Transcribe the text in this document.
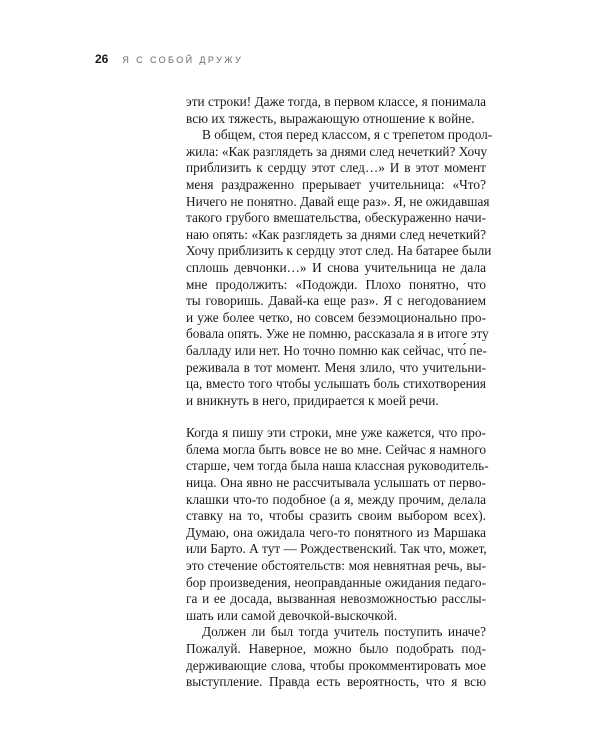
26 Я С СОБОЙ ДРУЖУ
эти строки! Даже тогда, в первом классе, я понимала
всю их тяжесть, выражающую отношение к войне.
В общем, стоя перед классом, я с трепетом продол-
жила: «Как разглядеть за днями след нечеткий? Хочу
приблизить к сердцу этот след…» И в этот момент
меня раздраженно прерывает учительница: «Что?
Ничего не понятно. Давай еще раз». Я, не ожидавшая
такого грубого вмешательства, обескураженно начи-
наю опять: «Как разглядеть за днями след нечеткий?
Хочу приблизить к сердцу этот след. На батарее были
сплошь девчонки…» И снова учительница не дала
мне продолжить: «Подожди. Плохо понятно, что
ты говоришь. Давай-ка еще раз». Я с негодованием
и уже более четко, но совсем безэмоционально про-
бовала опять. Уже не помню, рассказала я в итоге эту
балладу или нет. Но точно помню как сейчас, что́ пе-
реживала в тот момент. Меня злило, что учительни-
ца, вместо того чтобы услышать боль стихотворения
и вникнуть в него, придирается к моей речи.
Когда я пишу эти строки, мне уже кажется, что про-
блема могла быть вовсе не во мне. Сейчас я намного
старше, чем тогда была наша классная руководитель-
ница. Она явно не рассчитывала услышать от перво-
клашки что-то подобное (а я, между прочим, делала
ставку на то, чтобы сразить своим выбором всех).
Думаю, она ожидала чего-то понятного из Маршака
или Барто. А тут — Рождественский. Так что, может,
это стечение обстоятельств: моя невнятная речь, вы-
бор произведения, неоправданные ожидания педаго-
га и ее досада, вызванная невозможностью расслы-
шать или самой девочкой-выскочкой.
Должен ли был тогда учитель поступить иначе?
Пожалуй. Наверное, можно было подобрать под-
держивающие слова, чтобы прокомментировать мое
выступление. Правда есть вероятность, что я всю
